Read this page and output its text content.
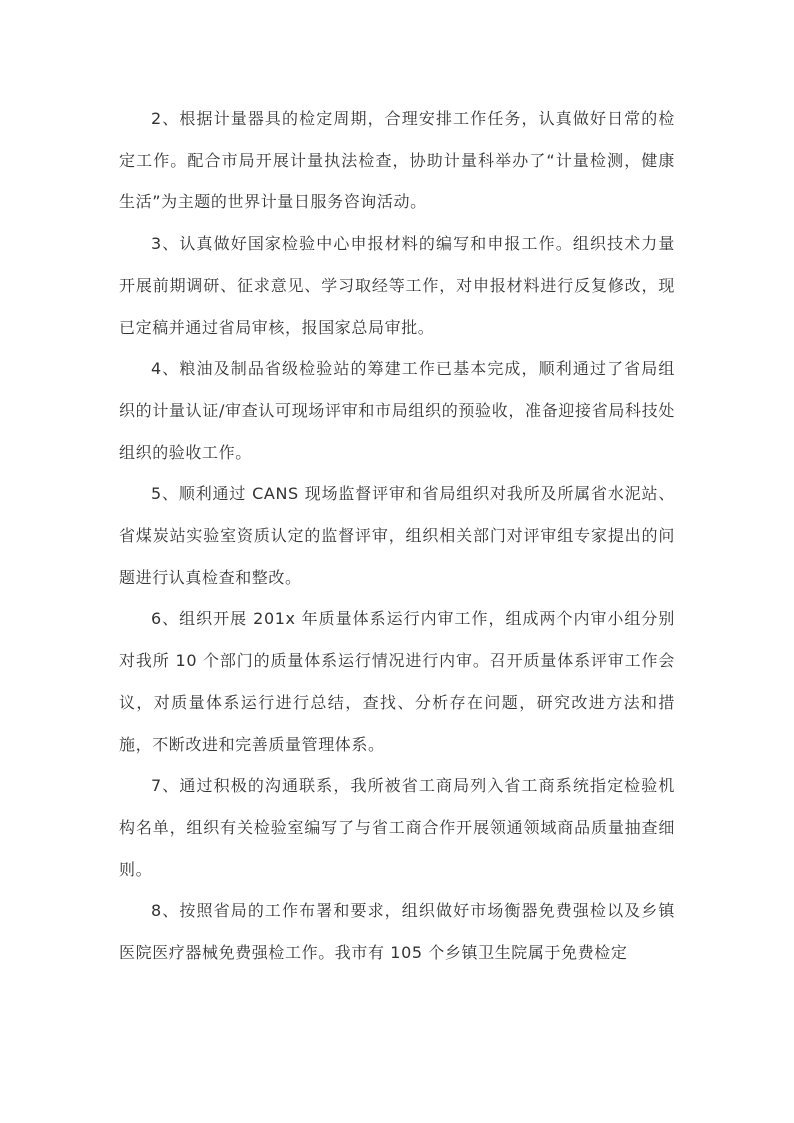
2、根据计量器具的检定周期，合理安排工作任务，认真做好日常的检定工作。配合市局开展计量执法检查，协助计量科举办了“计量检测，健康生活”为主题的世界计量日服务咨询活动。

3、认真做好国家检验中心申报材料的编写和申报工作。组织技术力量开展前期调研、征求意见、学习取经等工作，对申报材料进行反复修改，现已定稿并通过省局审核，报国家总局审批。

4、粮油及制品省级检验站的筹建工作已基本完成，顺利通过了省局组织的计量认证/审查认可现场评审和市局组织的预验收，准备迎接省局科技处组织的验收工作。

5、顺利通过 CANS 现场监督评审和省局组织对我所及所属省水泥站、省煤炭站实验室资质认定的监督评审，组织相关部门对评审组专家提出的问题进行认真检查和整改。

6、组织开展 201x 年质量体系运行内审工作，组成两个内审小组分别对我所 10 个部门的质量体系运行情况进行内审。召开质量体系评审工作会议，对质量体系运行进行总结，查找、分析存在问题，研究改进方法和措施，不断改进和完善质量管理体系。

7、通过积极的沟通联系，我所被省工商局列入省工商系统指定检验机构名单，组织有关检验室编写了与省工商合作开展领通领域商品质量抽查细则。

8、按照省局的工作布署和要求，组织做好市场衡器免费强检以及乡镇医院医疗器械免费强检工作。我市有 105 个乡镇卫生院属于免费检定
